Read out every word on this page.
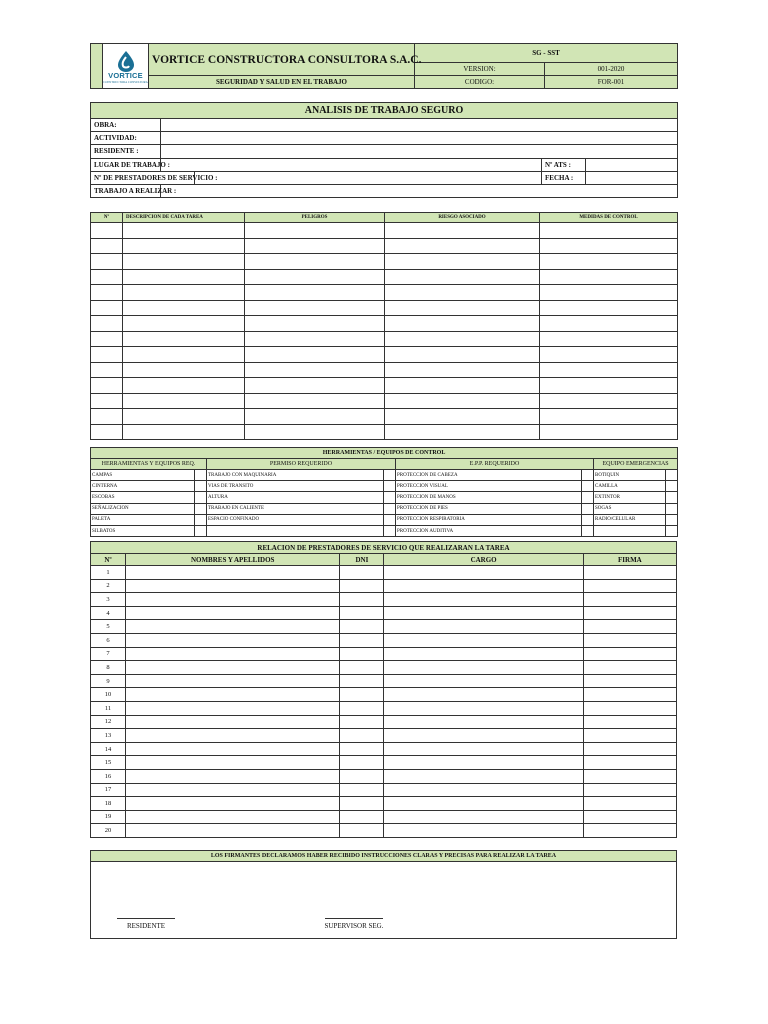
	VORTICE
CONSTRUCTORA CONSULTORA	VORTICE CONSTRUCTORA CONSULTORA S.A.C.	SG - SST	
			VERSION:	001-2020
		SEGURIDAD Y SALUD EN EL TRABAJO	CODIGO:	FOR-001
ANALISIS DE TRABAJO SEGURO				
OBRA:				
ACTIVIDAD:				
RESIDENTE :				
LUGAR DE TRABAJO :			Nº ATS :	
Nº DE PRESTADORES DE SERVICIO :			FECHA :	
TRABAJO A REALIZAR :				
Nº	DESCRIPCION DE CADA TAREA	PELIGROS	RIESGO ASOCIADO	MEDIDAS DE CONTROL

HERRAMIENTAS / EQUIPOS DE CONTROL							
HERRAMIENTAS Y EQUIPOS REQ.		PERMISO REQUERIDO		E.P.P. REQUERIDO		EQUIPO EMERGENCIAS	
CAMPAS		TRABAJO CON MAQUINARIA		PROTECCION DE CABEZA		BOTIQUIN	
CINTERNA		VIAS DE TRANSITO		PROTECCION VISUAL		CAMILLA	
ESCOBAS		ALTURA		PROTECCION DE MANOS		EXTINTOR	
SEÑALIZACION		TRABAJO EN CALIENTE		PROTECCION DE PIES		SOGAS	
PALETA		ESPACIO CONFINADO		PROTECCION RESPIRATORIA		RADIO/CELULAR	
SILBATOS				PROTECCION AUDITIVA			
RELACION DE PRESTADORES DE SERVICIO QUE REALIZARAN LA TAREA				
Nº	NOMBRES Y APELLIDOS	DNI	CARGO	FIRMA
1				
2				
3				
4				
5				
6				
7				
8				
9				
10				
11				
12				
13				
14				
15				
16				
17				
18				
19				
20				
LOS FIRMANTES DECLARAMOS HABER RECIBIDO INSTRUCCIONES CLARAS Y PRECISAS PARA REALIZAR LA TAREA
RESIDENTE	SUPERVISOR SEG.
